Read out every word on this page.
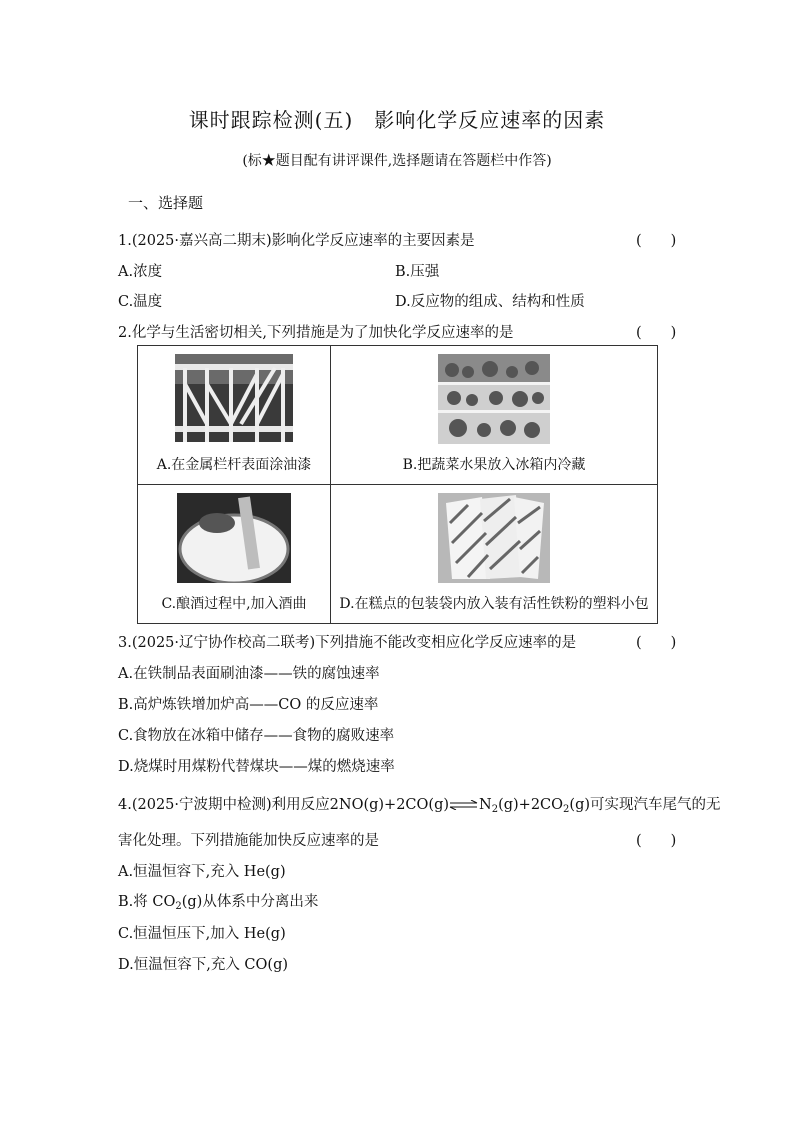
课时跟踪检测(五)　影响化学反应速率的因素
(标★题目配有讲评课件,选择题请在答题栏中作答)
一、选择题
1.(2025·嘉兴高二期末)影响化学反应速率的主要因素是	(　　)
A.浓度	B.压强
C.温度	D.反应物的组成、结构和性质
2.化学与生活密切相关,下列措施是为了加快化学反应速率的是	(　　)
A.在金属栏杆表面涂油漆	B.把蔬菜水果放入冰箱内冷藏

C.酿酒过程中,加入酒曲	D.在糕点的包装袋内放入装有活性铁粉的塑料小包
3.(2025·辽宁协作校高二联考)下列措施不能改变相应化学反应速率的是	(　　)
A.在铁制品表面刷油漆——铁的腐蚀速率
B.高炉炼铁增加炉高——CO 的反应速率
C.食物放在冰箱中储存——食物的腐败速率
D.烧煤时用煤粉代替煤块——煤的燃烧速率
4.(2025·宁波期中检测)利用反应$2NO(g)+2CO(g)\rightleftharpoons N_2(g)+2CO_2(g)$可实现汽车尾气的无
害化处理。下列措施能加快反应速率的是	(　　)
A.恒温恒容下,充入 He(g)
B.将 $CO_2(g)$从体系中分离出来
C.恒温恒压下,加入 He(g)
D.恒温恒容下,充入 CO(g)
